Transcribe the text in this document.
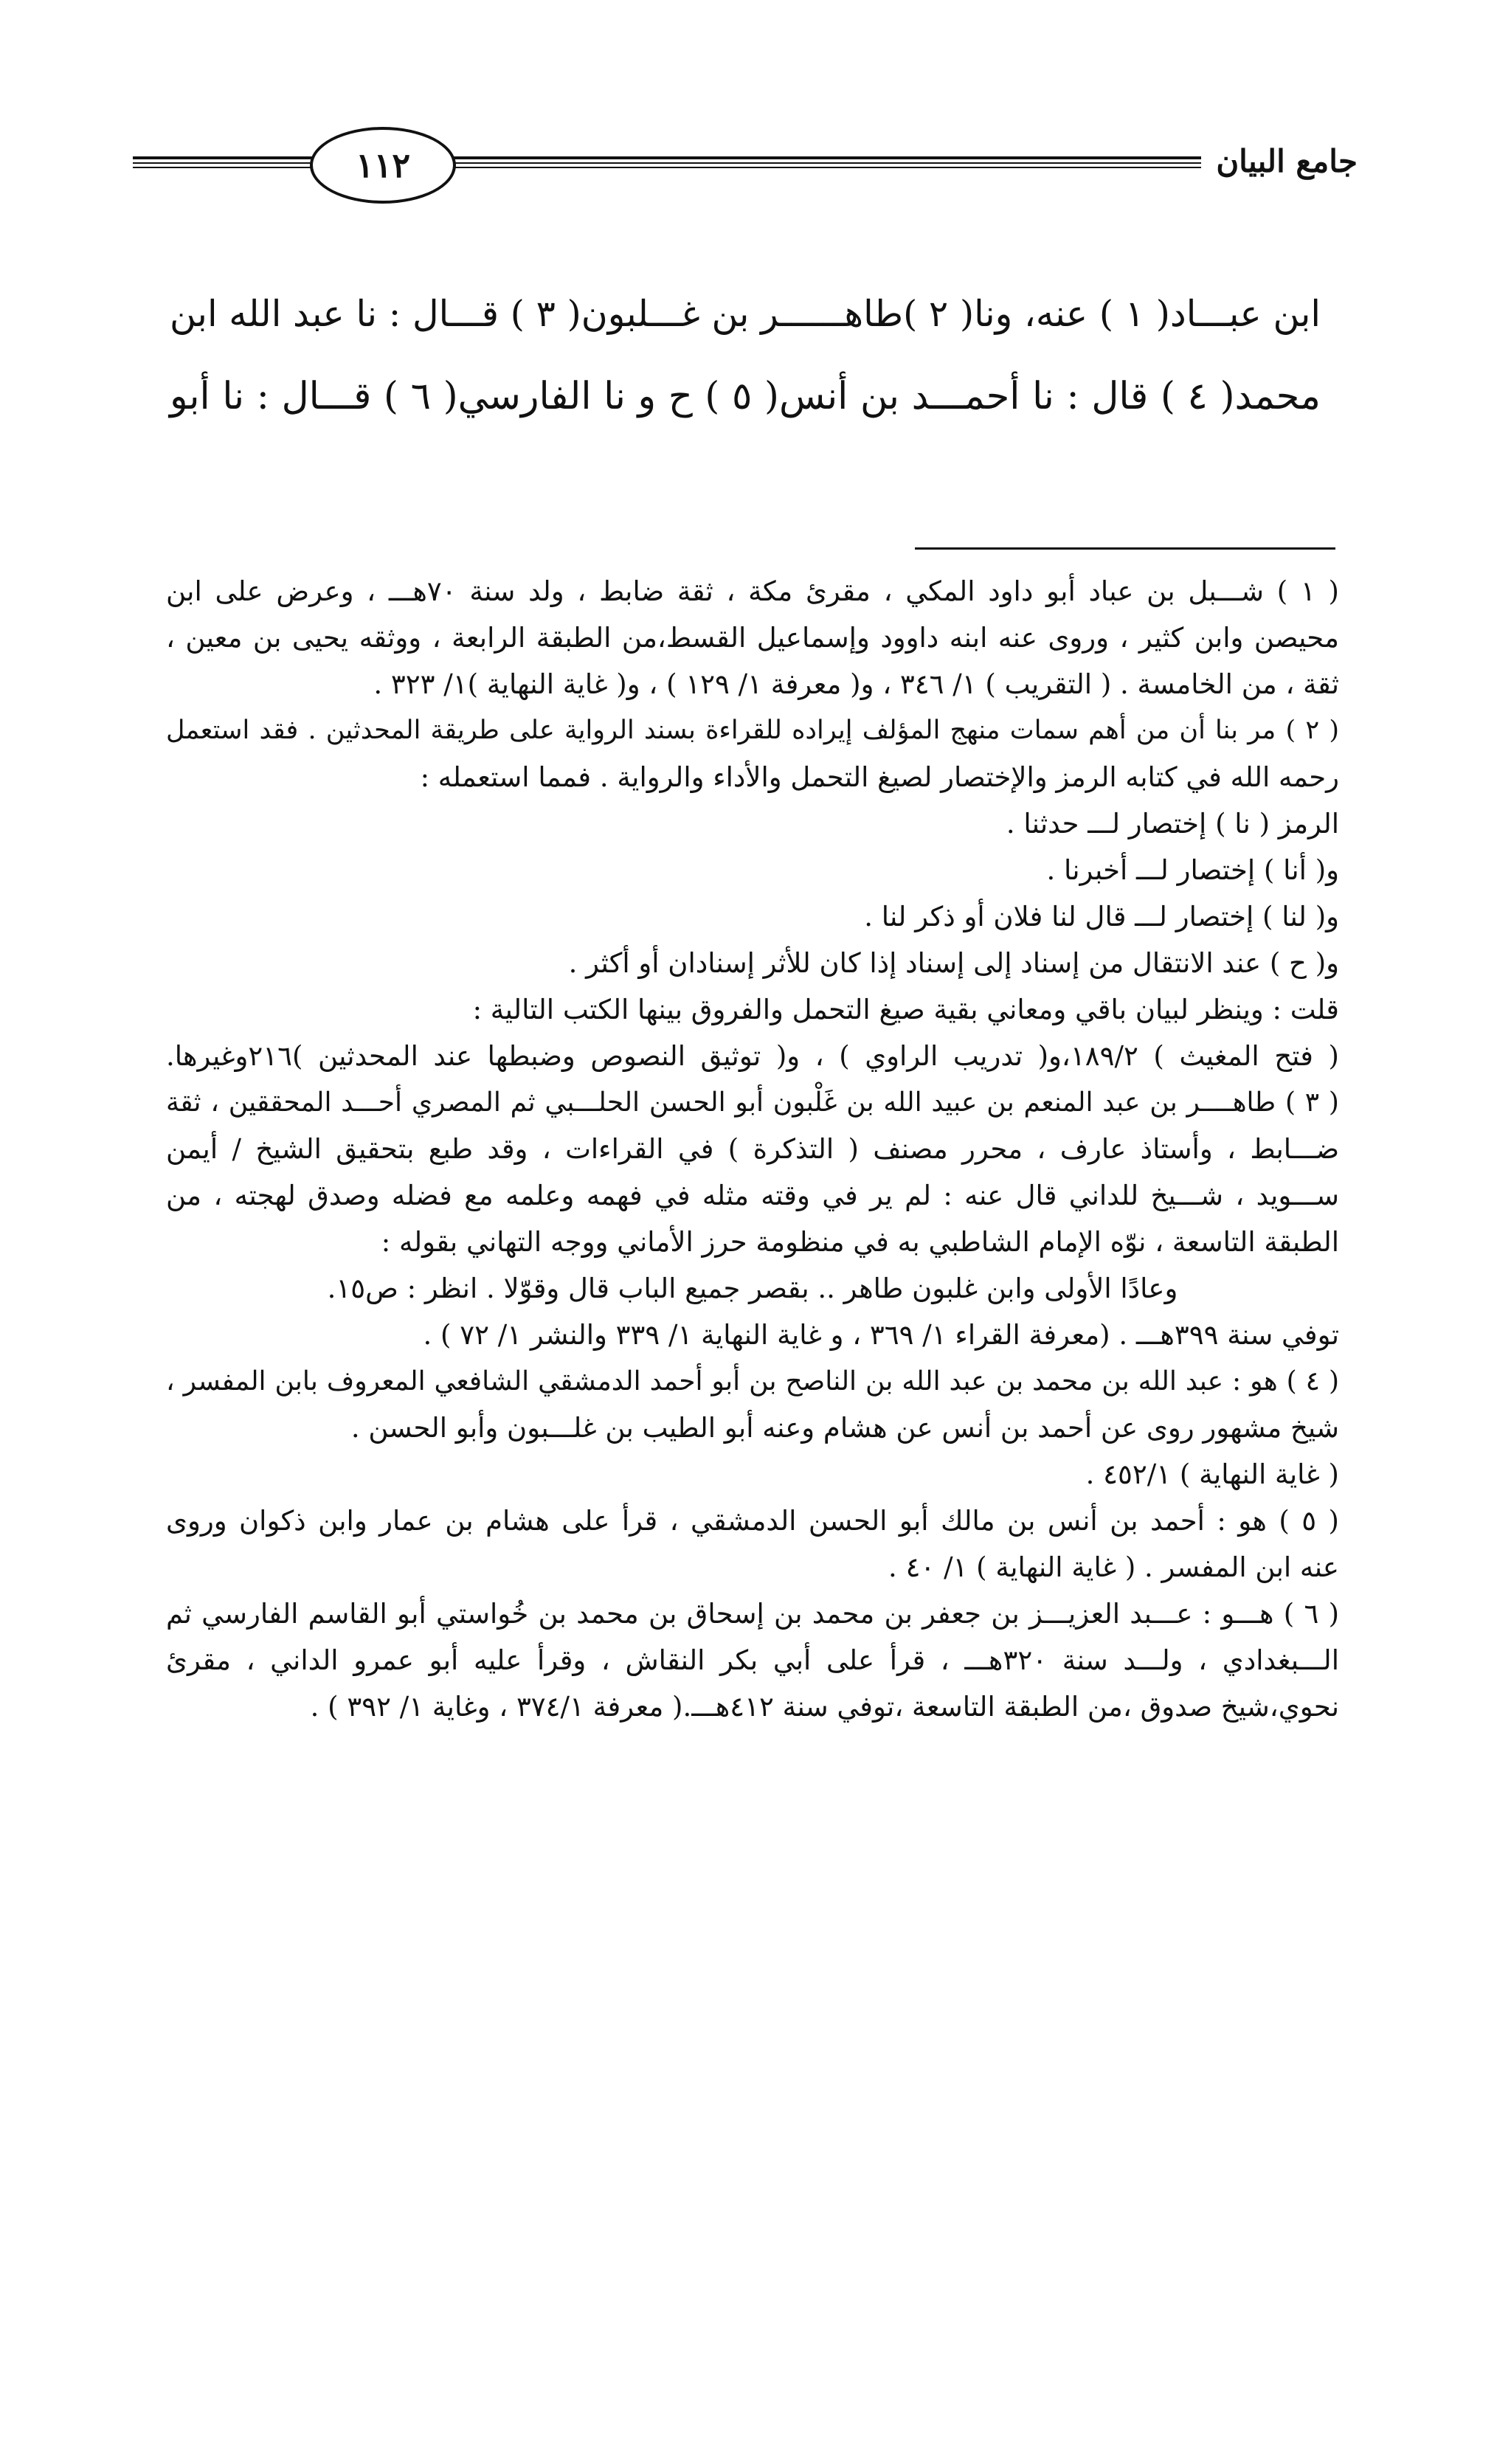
١١٢	جامع البيان
ابن عبـــاد( ١ ) عنه، ونا( ٢ )طاهــــــر بن غـــلبون( ٣ ) قـــال : نا عبد الله ابن
محمد( ٤ ) قال : نا أحمـــد بن أنس( ٥ ) ح و نا الفارسي( ٦ ) قـــال : نا أبو
( ١ ) شـــبل بن عباد أبو داود المكي ، مقرئ مكة ، ثقة ضابط ، ولد سنة ٧٠هـــ ، وعرض على ابن
محيصن وابن كثير ، وروى عنه ابنه داوود وإسماعيل القسط،من الطبقة الرابعة ، ووثقه يحيى بن معين ،
ثقة ، من الخامسة . ( التقريب ) ١/ ٣٤٦ ، و( معرفة ١/ ١٢٩ ) ، و( غاية النهاية )١/ ٣٢٣ .
( ٢ ) مر بنا أن من أهم سمات منهج المؤلف إيراده للقراءة بسند الرواية على طريقة المحدثين . فقد استعمل
رحمه الله في كتابه الرمز والإختصار لصيغ التحمل والأداء والرواية . فمما استعمله :
الرمز ( نا ) إختصار لـــ حدثنا .
و( أنا ) إختصار لـــ أخبرنا .
و( لنا ) إختصار لـــ قال لنا فلان أو ذكر لنا .
و( ح ) عند الانتقال من إسناد إلى إسناد إذا كان للأثر إسنادان أو أكثر .
قلت : وينظر لبيان باقي ومعاني بقية صيغ التحمل والفروق بينها الكتب التالية :
( فتح المغيث ) ١٨٩/٢،و( تدريب الراوي ) ، و( توثيق النصوص وضبطها عند المحدثين )٢١٦وغيرها.
( ٣ ) طاهــــر بن عبد المنعم بن عبيد الله بن غَلْبون أبو الحسن الحلـــبي ثم المصري أحـــد المحققين ، ثقة
ضـــابط ، وأستاذ عارف ، محرر مصنف ( التذكرة ) في القراءات ، وقد طبع بتحقيق الشيخ / أيمن
ســـويد ، شـــيخ للداني قال عنه : لم ير في وقته مثله في فهمه وعلمه مع فضله وصدق لهجته ، من
الطبقة التاسعة ، نوّه الإمام الشاطبي به في منظومة حرز الأماني ووجه التهاني بقوله :
وعادًا الأولى وابن غلبون طاهر .. بقصر جميع الباب قال وقوّلا . انظر : ص١٥.
توفي سنة ٣٩٩هـــ . (معرفة القراء ١/ ٣٦٩ ، و غاية النهاية ١/ ٣٣٩ والنشر ١/ ٧٢ ) .
( ٤ ) هو : عبد الله بن محمد بن عبد الله بن الناصح بن أبو أحمد الدمشقي الشافعي المعروف بابن المفسر ،
شيخ مشهور روى عن أحمد بن أنس عن هشام وعنه أبو الطيب بن غلـــبون وأبو الحسن .
( غاية النهاية ) ٤٥٢/١ .
( ٥ ) هو : أحمد بن أنس بن مالك أبو الحسن الدمشقي ، قرأ على هشام بن عمار وابن ذكوان وروى
عنه ابن المفسر . ( غاية النهاية ) ١/ ٤٠ .
( ٦ ) هـــو : عـــبد العزيـــز بن جعفر بن محمد بن إسحاق بن محمد بن خُواستي أبو القاسم الفارسي ثم
الـــبغدادي ، ولـــد سنة ٣٢٠هـــ ، قرأ على أبي بكر النقاش ، وقرأ عليه أبو عمرو الداني ، مقرئ
نحوي،شيخ صدوق ،من الطبقة التاسعة ،توفي سنة ٤١٢هـــ.( معرفة ٣٧٤/١ ، وغاية ١/ ٣٩٢ ) .
